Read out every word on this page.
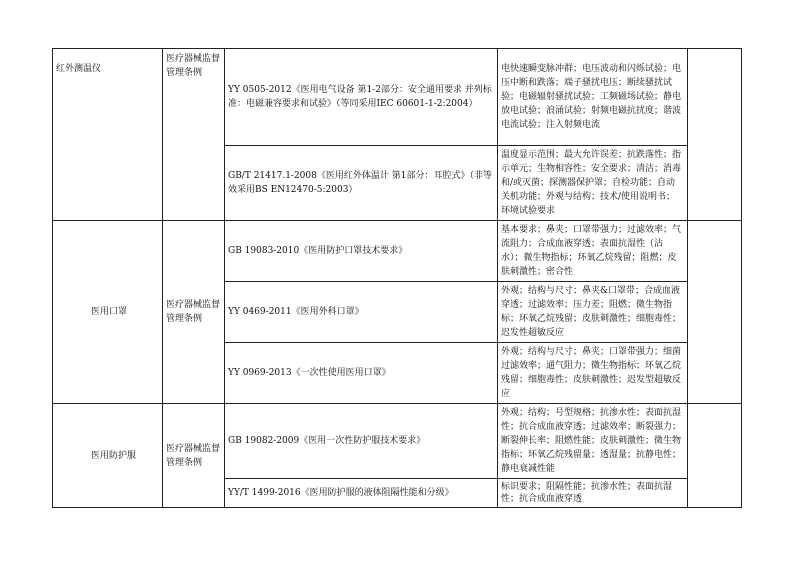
红外测温仪	医疗器械监督管理条例	YY 0505-2012《医用电气设备 第1-2部分：安全通用要求 并列标准：电磁兼容要求和试验》（等同采用IEC 60601-1-2:2004）	电快速瞬变脉冲群；电压波动和闪烁试验；电压中断和跌落；端子骚扰电压；断续骚扰试验；电磁辐射骚扰试验；工频磁场试验；静电放电试验；浪涌试验；射频电磁抗扰度；谐波电流试验；注入射频电流	
		GB/T 21417.1-2008《医用红外体温计 第1部分：耳腔式》（非等效采用BS EN12470-5:2003）	温度显示范围；最大允许误差；抗跌落性；指示单元；生物相容性；安全要求；清洁；消毒和/或灭菌；探测器保护罩；自检功能；自动关机功能；外观与结构；技术/使用说明书；环境试验要求	
医用口罩	医疗器械监督管理条例	GB 19083-2010《医用防护口罩技术要求》	基本要求；鼻夹；口罩带强力；过滤效率；气流阻力；合成血液穿透；表面抗湿性（沾水）；微生物指标；环氧乙烷残留；阻燃；皮肤刺激性；密合性	
		YY 0469-2011《医用外科口罩》	外观；结构与尺寸；鼻夹&口罩带；合成血液穿透；过滤效率；压力差；阻燃；微生物指标；环氧乙烷残留；皮肤刺激性；细胞毒性；迟发性超敏反应	
		YY 0969-2013《一次性使用医用口罩》	外观；结构与尺寸；鼻夹；口罩带强力；细菌过滤效率；通气阻力；微生物指标；环氧乙烷残留；细胞毒性；皮肤刺激性；迟发型超敏反应	
医用防护服	医疗器械监督管理条例	GB 19082-2009《医用一次性防护服技术要求》	外观；结构；号型规格；抗渗水性；表面抗湿性；抗合成血液穿透；过滤效率；断裂强力；断裂伸长率；阻燃性能；皮肤刺激性；微生物指标；环氧乙烷残留量；透湿量；抗静电性；静电衰减性能	
		YY/T 1499-2016《医用防护服的液体阻隔性能和分级》	标识要求；阻隔性能；抗渗水性；表面抗湿性；抗合成血液穿透	
